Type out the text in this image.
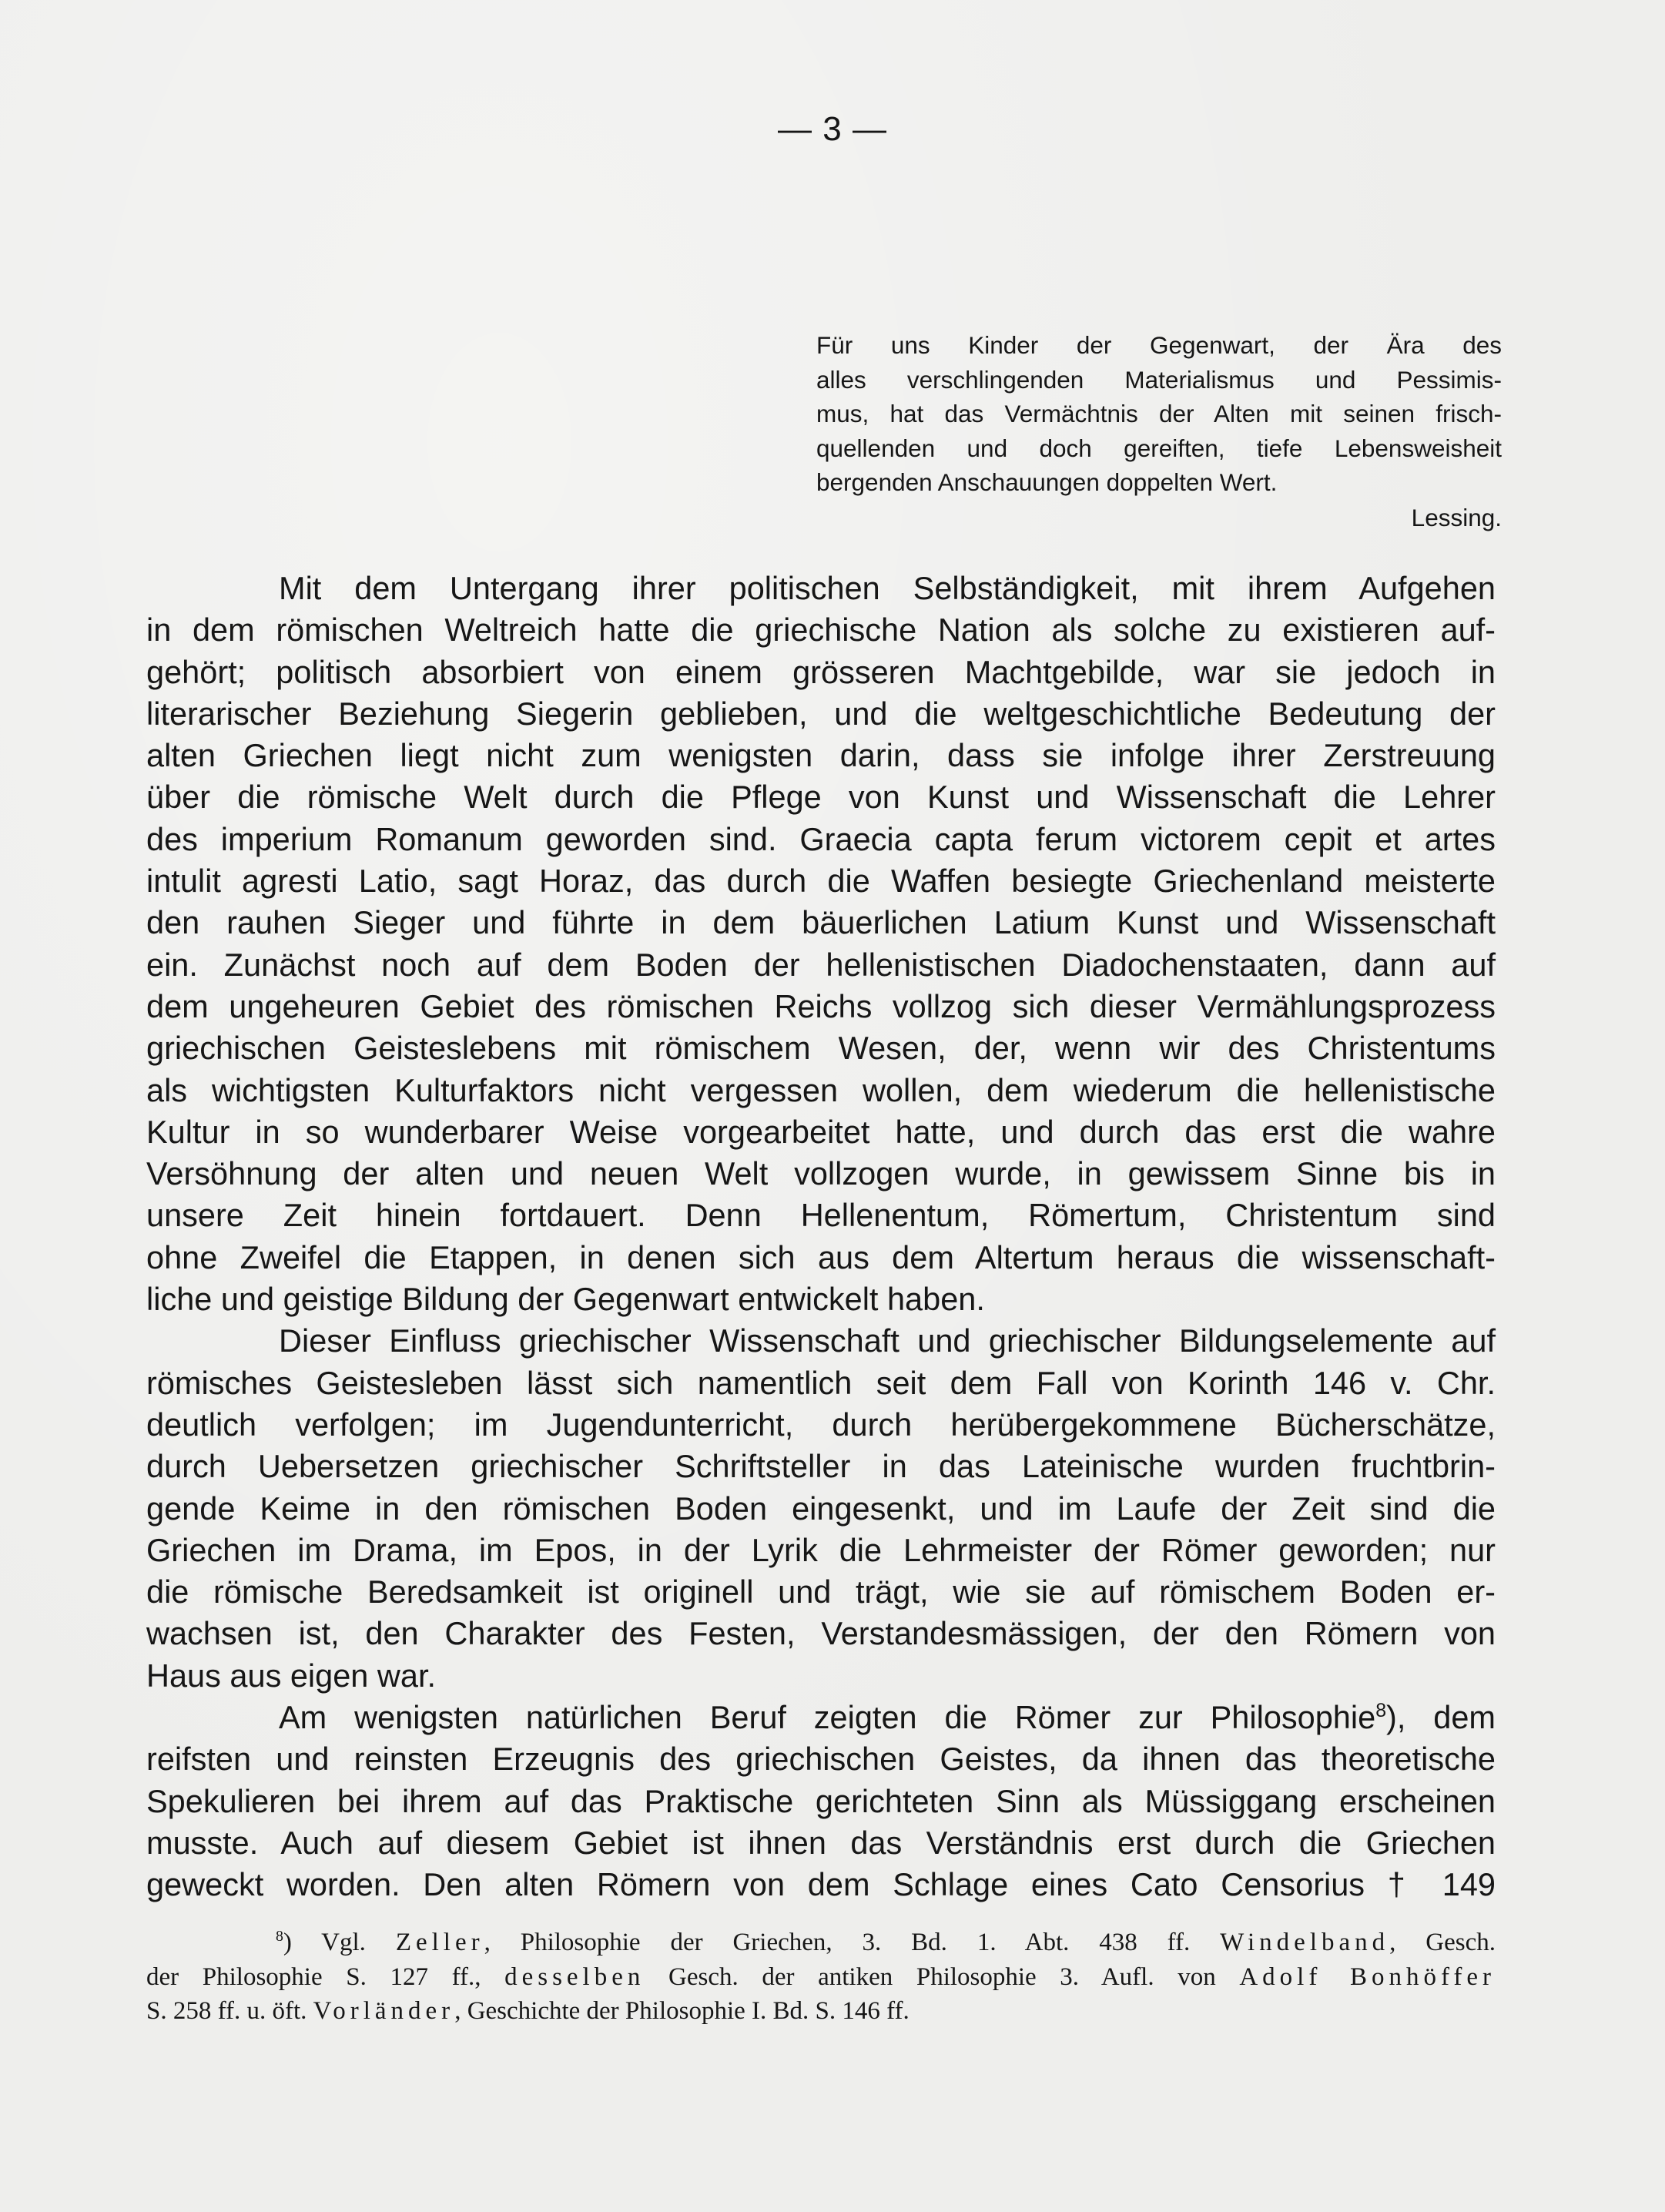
— 3 —
Für uns Kinder der Gegenwart, der Ära des
alles verschlingenden Materialismus und Pessimis-
mus, hat das Vermächtnis der Alten mit seinen frisch-
quellenden und doch gereiften, tiefe Lebensweisheit
bergenden Anschauungen doppelten Wert.
Lessing.
Mit dem Untergang ihrer politischen Selbständigkeit, mit ihrem Aufgehen
in dem römischen Weltreich hatte die griechische Nation als solche zu existieren auf-
gehört; politisch absorbiert von einem grösseren Machtgebilde, war sie jedoch in
literarischer Beziehung Siegerin geblieben, und die weltgeschichtliche Bedeutung der
alten Griechen liegt nicht zum wenigsten darin, dass sie infolge ihrer Zerstreuung
über die römische Welt durch die Pflege von Kunst und Wissenschaft die Lehrer
des imperium Romanum geworden sind. Graecia capta ferum victorem cepit et artes
intulit agresti Latio, sagt Horaz, das durch die Waffen besiegte Griechenland meisterte
den rauhen Sieger und führte in dem bäuerlichen Latium Kunst und Wissenschaft
ein. Zunächst noch auf dem Boden der hellenistischen Diadochenstaaten, dann auf
dem ungeheuren Gebiet des römischen Reichs vollzog sich dieser Vermählungsprozess
griechischen Geisteslebens mit römischem Wesen, der, wenn wir des Christentums
als wichtigsten Kulturfaktors nicht vergessen wollen, dem wiederum die hellenistische
Kultur in so wunderbarer Weise vorgearbeitet hatte, und durch das erst die wahre
Versöhnung der alten und neuen Welt vollzogen wurde, in gewissem Sinne bis in
unsere Zeit hinein fortdauert. Denn Hellenentum, Römertum, Christentum sind
ohne Zweifel die Etappen, in denen sich aus dem Altertum heraus die wissenschaft-
liche und geistige Bildung der Gegenwart entwickelt haben.
Dieser Einfluss griechischer Wissenschaft und griechischer Bildungselemente auf
römisches Geistesleben lässt sich namentlich seit dem Fall von Korinth 146 v. Chr.
deutlich verfolgen; im Jugendunterricht, durch herübergekommene Bücherschätze,
durch Uebersetzen griechischer Schriftsteller in das Lateinische wurden fruchtbrin-
gende Keime in den römischen Boden eingesenkt, und im Laufe der Zeit sind die
Griechen im Drama, im Epos, in der Lyrik die Lehrmeister der Römer geworden; nur
die römische Beredsamkeit ist originell und trägt, wie sie auf römischem Boden er-
wachsen ist, den Charakter des Festen, Verstandesmässigen, der den Römern von
Haus aus eigen war.
Am wenigsten natürlichen Beruf zeigten die Römer zur Philosophie$^8$), dem
reifsten und reinsten Erzeugnis des griechischen Geistes, da ihnen das theoretische
Spekulieren bei ihrem auf das Praktische gerichteten Sinn als Müssiggang erscheinen
musste. Auch auf diesem Gebiet ist ihnen das Verständnis erst durch die Griechen
geweckt worden. Den alten Römern von dem Schlage eines Cato Censorius † 149
$^8$) Vgl. Zeller, Philosophie der Griechen, 3. Bd. 1. Abt. 438 ff. Windelband, Gesch.
der Philosophie S. 127 ff., desselben Gesch. der antiken Philosophie 3. Aufl. von Adolf Bonhöffer
S. 258 ff. u. öft. Vorländer, Geschichte der Philosophie I. Bd. S. 146 ff.
